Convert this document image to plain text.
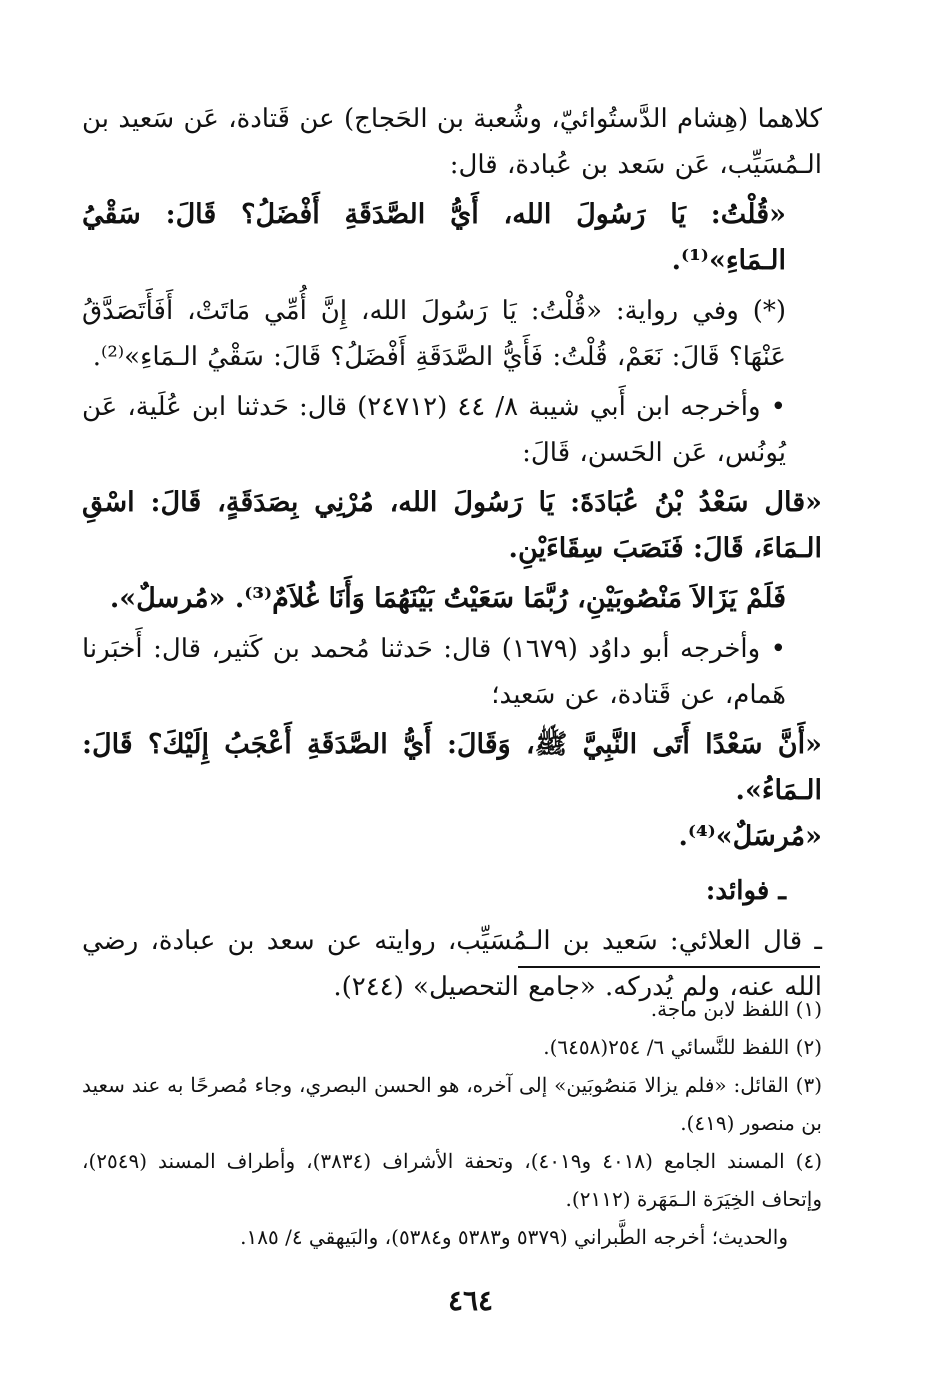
كلاهما (هِشام الدَّستُوائيّ، وشُعبة بن الحَجاج) عن قَتادة، عَن سَعيد بن الـمُسَيِّب، عَن سَعد بن عُبادة، قال:

«قُلْتُ: يَا رَسُولَ الله، أَيُّ الصَّدَقَةِ أَفْضَلُ؟ قَالَ: سَقْيُ الـمَاءِ»⁽¹⁾.

(*) وفي رواية: «قُلْتُ: يَا رَسُولَ الله، إِنَّ أُمِّي مَاتَتْ، أَفَأَتَصَدَّقُ عَنْهَا؟ قَالَ: نَعَمْ، قُلْتُ: فَأَيُّ الصَّدَقَةِ أَفْضَلُ؟ قَالَ: سَقْيُ الـمَاءِ»⁽²⁾.

• وأخرجه ابن أَبي شيبة ٨/ ٤٤ (٢٤٧١٢) قال: حَدثنا ابن عُلَية، عَن يُونُس، عَن الحَسن، قَالَ:

«قال سَعْدُ بْنُ عُبَادَةَ: يَا رَسُولَ الله، مُرْنِي بِصَدَقَةٍ، قَالَ: اسْقِ الـمَاءَ، قَالَ: فَنَصَبَ سِقَاءَيْنِ.

فَلَمْ يَزَالاَ مَنْصُوبَيْنِ، رُبَّمَا سَعَيْتُ بَيْنَهُمَا وَأَنَا غُلاَمٌ⁽³⁾. «مُرسلٌ».

• وأخرجه أبو داوُد (١٦٧٩) قال: حَدثنا مُحمد بن كَثير، قال: أَخبَرنا هَمام، عن قَتادة، عن سَعيد؛

«أَنَّ سَعْدًا أَتَى النَّبِيَّ ﷺ، وَقَالَ: أَيُّ الصَّدَقَةِ أَعْجَبُ إِلَيْكَ؟ قَالَ: الـمَاءُ».

«مُرسَلٌ»⁽⁴⁾.

ـ فوائد:

ـ قال العلائي: سَعيد بن الـمُسَيِّب، روايته عن سعد بن عبادة، رضي الله عنه، ولم يُدركه. «جامع التحصيل» (٢٤٤).

(١) اللفظ لابن ماجة.

(٢) اللفظ للنَّسائي ٦/ ٢٥٤(٦٤٥٨).

(٣) القائل: «فلم يزالا مَنصُوبَين» إلى آخره، هو الحسن البصري، وجاء مُصرحًا به عند سعيد بن منصور (٤١٩).

(٤) المسند الجامع (٤٠١٨ و٤٠١٩)، وتحفة الأشراف (٣٨٣٤)، وأطراف المسند (٢٥٤٩)، وإتحاف الخِيَرَة الـمَهَرة (٢١١٢).

والحديث؛ أخرجه الطَّبراني (٥٣٧٩ و٥٣٨٣ و٥٣٨٤)، والبَيهقي ٤/ ١٨٥.

٤٦٤
